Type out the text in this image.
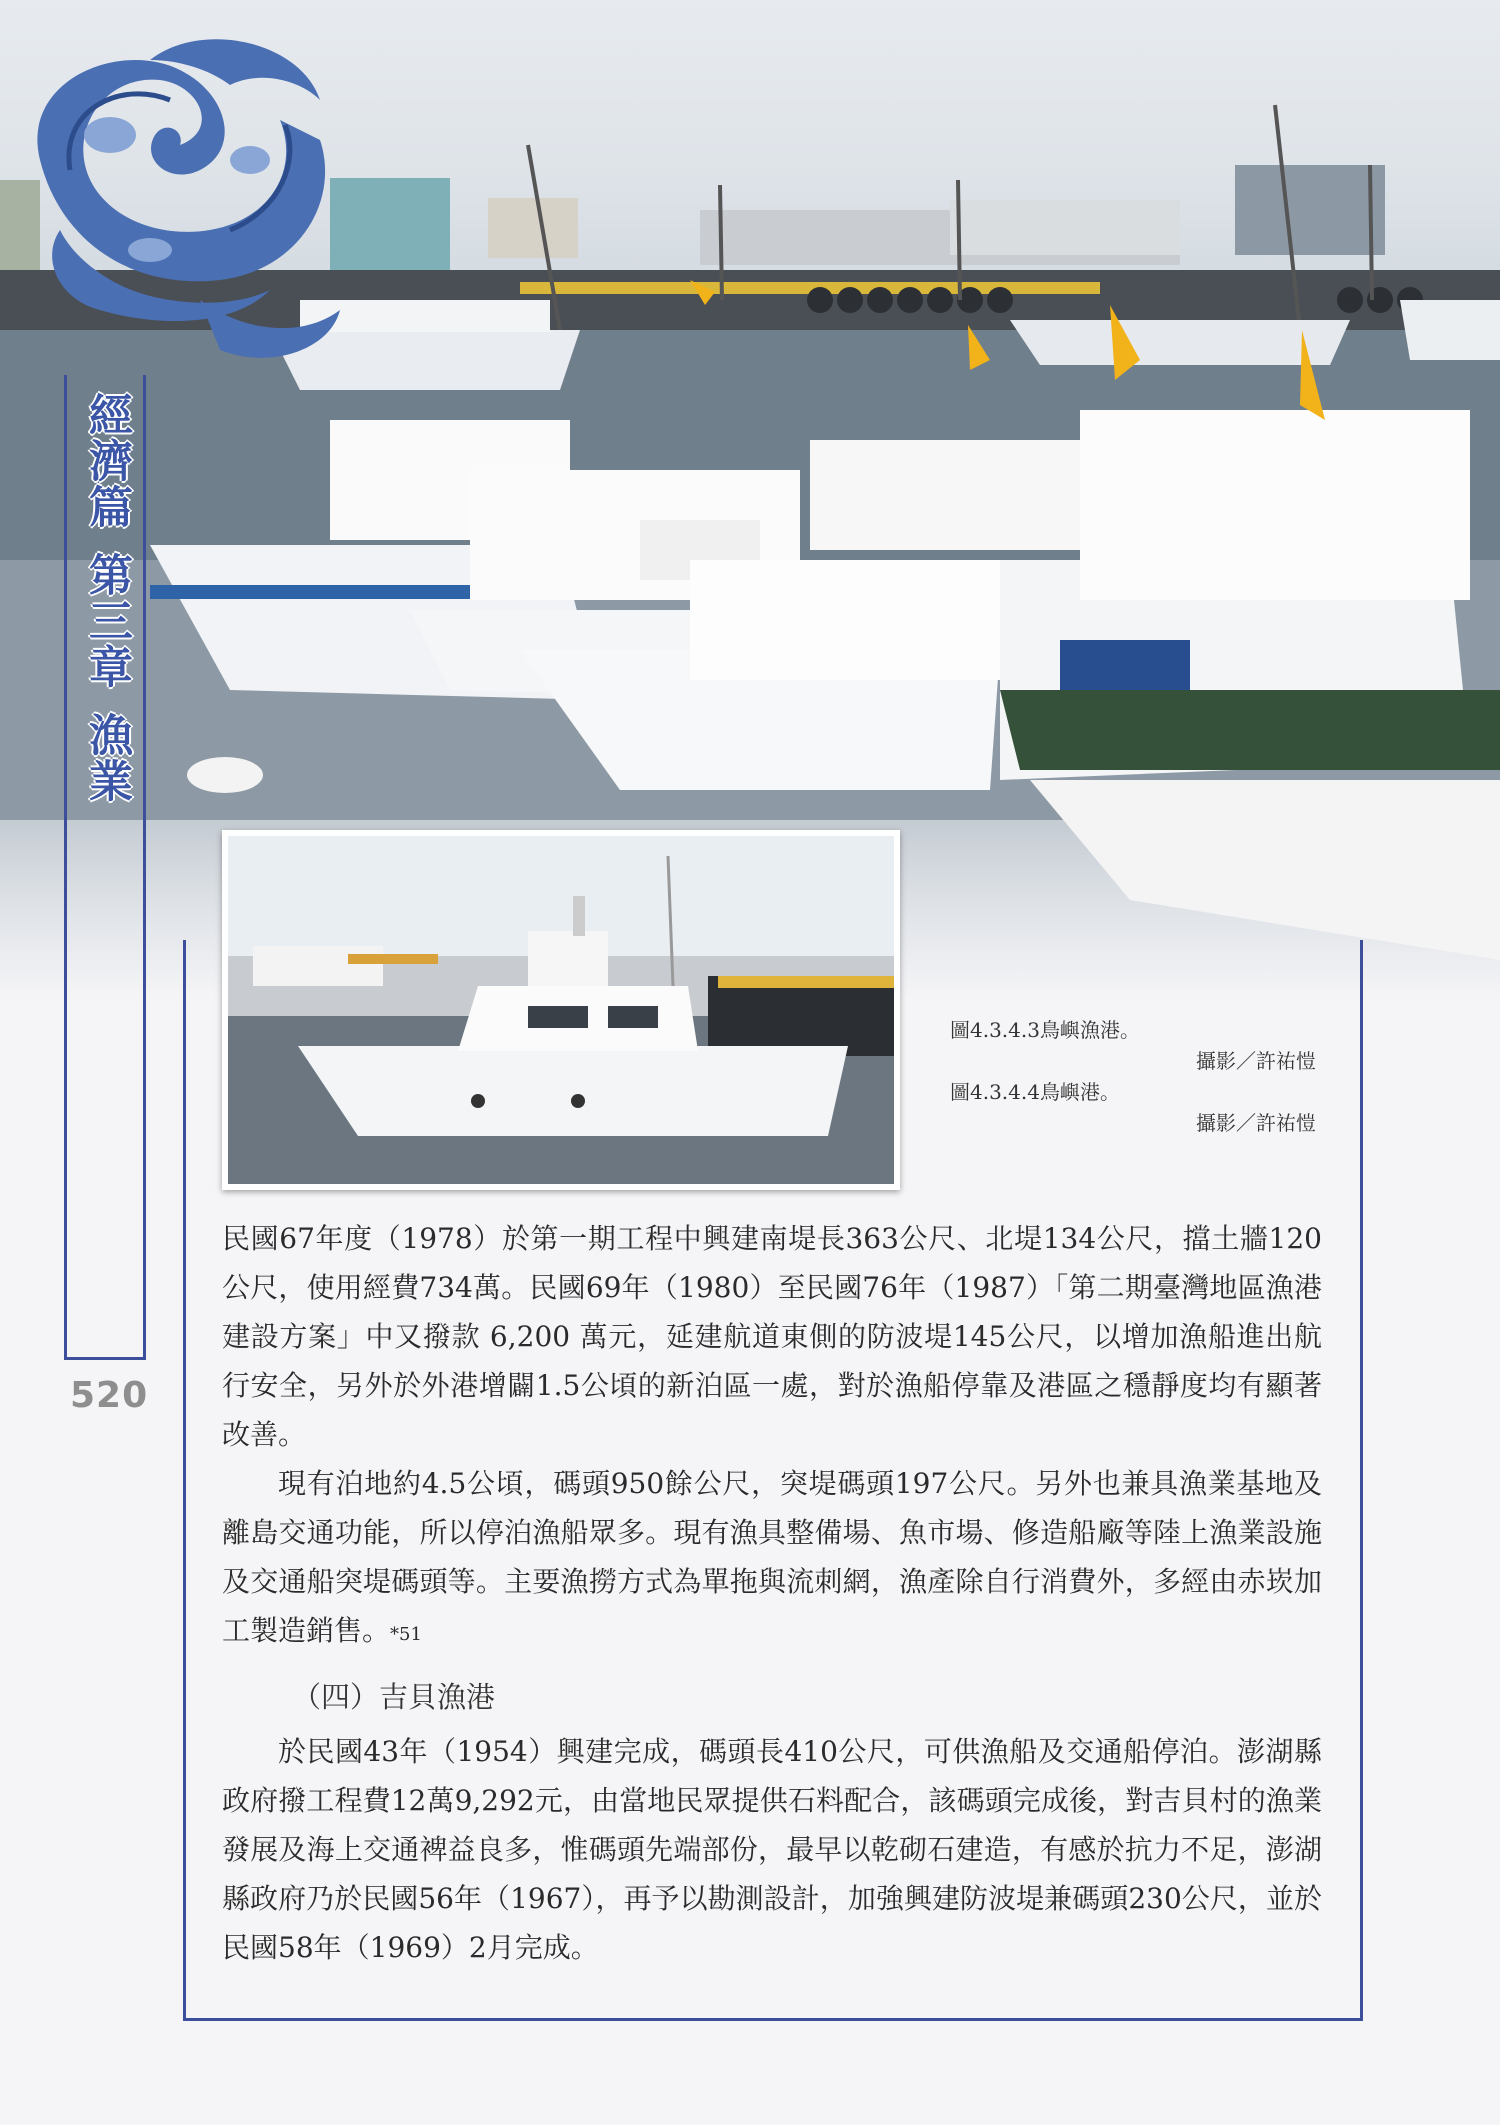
經濟篇第三章漁業
520
圖4.3.4.3鳥嶼漁港。
攝影／許祐愷
圖4.3.4.4鳥嶼港。
攝影／許祐愷

民國67年度（1978）於第一期工程中興建南堤長363公尺、北堤134公尺，擋土牆120公尺，使用經費734萬。民國69年（1980）至民國76年（1987）「第二期臺灣地區漁港建設方案」中又撥款 6,200 萬元，延建航道東側的防波堤145公尺，以增加漁船進出航行安全，另外於外港增闢1.5公頃的新泊區一處，對於漁船停靠及港區之穩靜度均有顯著改善。

現有泊地約4.5公頃，碼頭950餘公尺，突堤碼頭197公尺。另外也兼具漁業基地及離島交通功能，所以停泊漁船眾多。現有漁具整備場、魚市場、修造船廠等陸上漁業設施及交通船突堤碼頭等。主要漁撈方式為單拖與流刺網，漁產除自行消費外，多經由赤崁加工製造銷售。*51

（四）吉貝漁港

於民國43年（1954）興建完成，碼頭長410公尺，可供漁船及交通船停泊。澎湖縣政府撥工程費12萬9,292元，由當地民眾提供石料配合，該碼頭完成後，對吉貝村的漁業發展及海上交通裨益良多，惟碼頭先端部份，最早以乾砌石建造，有感於抗力不足，澎湖縣政府乃於民國56年（1967），再予以勘測設計，加強興建防波堤兼碼頭230公尺，並於民國58年（1969）2月完成。
